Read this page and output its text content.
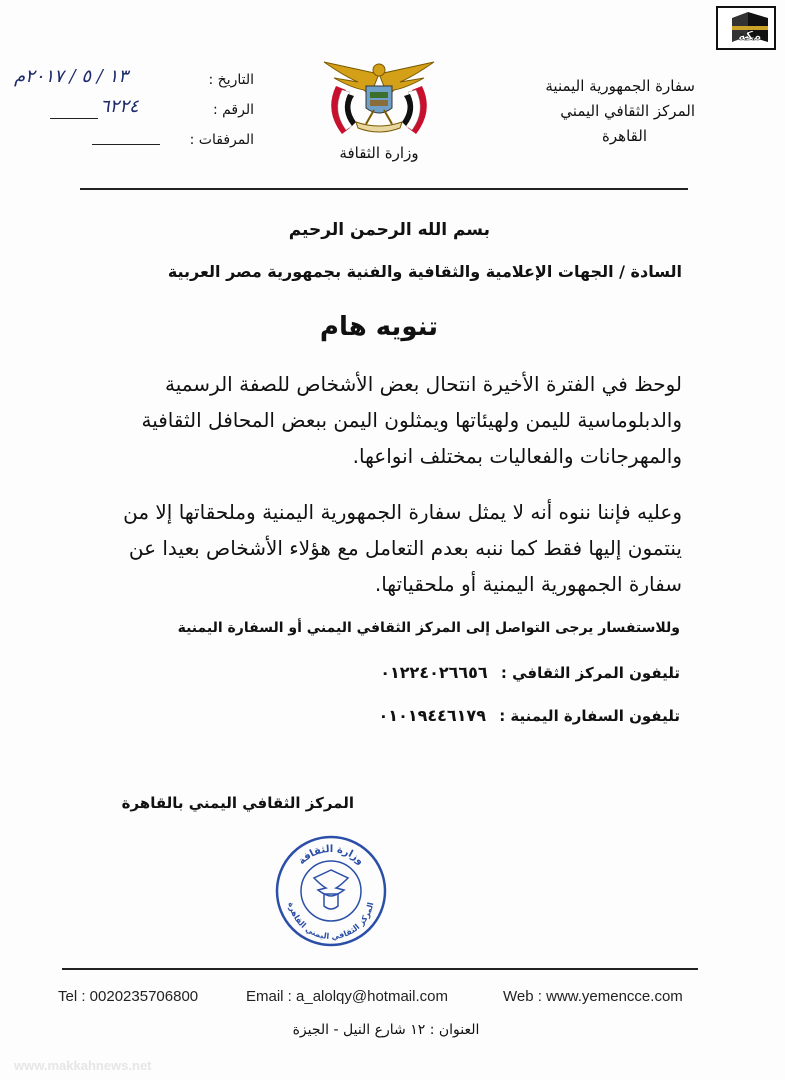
مكة
سفارة الجمهورية اليمنية
المركز الثقافي اليمني
القاهرة
وزارة الثقافة
التاريخ :
١٣ / ٥ / ٢٠١٧م
الرقم :
٦٢٢٤
المرفقات :
بسم الله الرحمن الرحيم
السادة / الجهات الإعلامية والثقافية والفنية بجمهورية مصر العربية
تنويه هام
لوحظ في الفترة الأخيرة انتحال بعض الأشخاص للصفة الرسمية والدبلوماسية لليمن ولهيئاتها ويمثلون اليمن ببعض المحافل الثقافية والمهرجانات والفعاليات بمختلف انواعها.
وعليه فإننا ننوه أنه لا يمثل سفارة الجمهورية اليمنية وملحقاتها إلا من ينتمون إليها فقط كما ننبه بعدم التعامل مع هؤلاء الأشخاص بعيدا عن سفارة الجمهورية اليمنية أو ملحقياتها.
وللاستفسار يرجى التواصل إلى المركز الثقافي اليمني أو السفارة اليمنية
تليفون المركز الثقافي : ٠١٢٢٤٠٢٦٦٥٦
تليفون السفارة اليمنية : ٠١٠١٩٤٤٦١٧٩
المركز الثقافي اليمني بالقاهرة
وزارة الثقافة
المركز الثقافي اليمني القاهرة
Tel : 0020235706800	Email : a_alolqy@hotmail.com	Web : www.yemencce.com
العنوان : ١٢ شارع النيل - الجيزة
www.makkahnews.net
